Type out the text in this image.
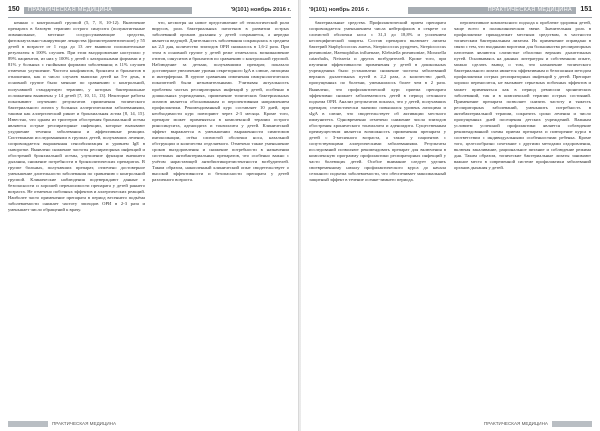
150	ПРАКТИЧЕСКАЯ МЕДИЦИНА	'9(101) ноябрь 2016 г.

неннно с контрольной группой (5, 7, 8, 10-12). Включение препарата в базовую терапию острого синусита (полуантигенные лиманильные, местные сосудосуживающие средства, фитоклаутально-санирующие лекарства (физиотерапевтические) у 55 детей в возрасте от 1 года до 13 лет выявило положительные результаты в 100% случаев. При этом выздоровление наступило у 89% пациентов, из них у 100% у детей с катаральными формами и у 81% у больных с гнойными формами заболевания; в 11% случаев отмечено улучшение. Частота конфликтов, бронхита и бронхитов в отношении, как и число случаев выписки детей на 5-е день, в основной группе было меньше по сравнению с контрольной, получавшей стандартную терапию, у которых бактериальные осложнения выявлены у 14 детей [7, 10, 11, 13]. Некоторые работы показывают изучению результатов применения топического бактериального лизата у больных аллергическими заболеваниями, такими как аллергический ринит и бронхиальная астма [8, 14, 15]. Известно, что одним из триггеров обострения бронхиальной астмы являются острые респираторные инфекции, которые вызывают ухудшение течения заболевания и аффективные реакции. Системными исследованиями в группах детей, получавших лечение, сопровождается выраженная сенсибилизация и уровнем IgE в сыворотке. Выявлено снижение частоты респираторных инфекций и обострений бронхиальной астмы, улучшение функции внешнего дыхания, снижение потребности в бронхолитических препаратах. В группе больных, получавших препарат, отмечено достоверное уменьшение длительности заболевания по сравнению с контрольной группой. Клинические наблюдения подтверждают данные о безопасности и хорошей переносимости препарата у детей раннего возраста. Не отмечено побочных эффектов и аллергических реакций. Наиболее часто применение препарата в период весеннего подъёма заболеваемости снижает частоту эпизодов ОРИ в 2-3 раза и уменьшает число обращений к врачу.

что, несмотря на новое представление об этиологической роли вирусов, роль бактериальных патогенов в развитии острых заболеваний органов дыхания у детей сохраняется, а нередко является ведущей. Длительность заболевания сокращалась в среднем на 2,5 дня, количество эпизодов ОРИ снижалось в 1,6-2 раза. При этом в основной группе у детей реже отмечалось возникновение отитов, синуситов и бронхитов по сравнению с контрольной группой. Наблюдение за детьми, получавшими препарат, показало достоверное увеличение уровня секреторного IgA в слюне, лизоцима и интерферона. В группе сравнения изменения иммунологических показателей были незначительными. Учитывая актуальность проблемы частых респираторных инфекций у детей, особенно в дошкольных учреждениях, применение топических бактериальных лизатов является обоснованным и перспективным направлением профилактики. Рекомендованный курс составляет 10 дней, при необходимости курс повторяют через 2-3 месяца. Кроме того, препарат может применяться в комплексной терапии острого риносинусита, аденоидита и тонзиллита у детей. Клинический эффект выражается в уменьшении выраженности симптомов интоксикации, отёка слизистой оболочки носа, назальной обструкции и количества отделяемого. Отмечено также уменьшение сроков выздоровления и снижение потребности в назначении системных антибактериальных препаратов, что особенно важно с учётом нарастающей антибиотикорезистентности возбудителей. Таким образом, накопленный клинический опыт свидетельствует о высокой эффективности и безопасности препарата у детей различного возраста.

ПРАКТИЧЕСКАЯ МЕДИЦИНА
'9(101) ноябрь 2016 г.	ПРАКТИЧЕСКАЯ МЕДИЦИНА	151

бактериальные средства. Профилактический прием препарата сопровождается уменьшением числа нейтрофилов в секрете со слизистой оболочки носа с 31,3 до 18,8% и усилением неспецифической защиты. Состав препарата включает лизаты бактерий Staphylococcus aureus, Streptococcus pyogenes, Streptococcus pneumoniae, Haemophilus influenzae, Klebsiella pneumoniae, Moraxella catarrhalis, Neisseria и других возбудителей. Кроме того, при изучении эффективности применения у детей в дошкольных учреждениях было установлено снижение частоты заболеваний верхних дыхательных путей в 2,2 раза, а количество дней, пропущенных по болезни, уменьшилось более чем в 2 раза. Выявлено, что профилактический курс приема препарата эффективно снижает заболеваемость детей в период сезонного подъема ОРИ. Анализ результатов показал, что у детей, получавших препарат, статистически значимо повышался уровень лизоцима и sIgA в слюне, что свидетельствует об активации местного иммунитета. Одновременно отмечено снижение числа эпизодов обострения хронического тонзиллита и аденоидита. Существенным преимуществом является возможность применения препарата у детей с 3-месячного возраста, а также у пациентов с сопутствующими аллергическими заболеваниями. Результаты исследований позволяют рекомендовать препарат для включения в комплексную программу профилактики респираторных инфекций у часто болеющих детей. Особое внимание следует уделять своевременному началу профилактического курса до начала сезонного подъема заболеваемости, что обеспечивает максимальный защитный эффект в течение осенне-зимнего периода.

перспективное комплексного подхода к проблеме здоровья детей, чаще всего в поликлиническом звене. Значительная роль в профилактике принадлежит местным средствам, в частности топическим бактериальным лизатам. Их применение оправдано в связи с тем, что входными воротами для большинства респираторных патогенов являются слизистые оболочки верхних дыхательных путей. Основываясь на данных литературы и собственном опыте, можно сделать вывод о том, что назначение топического бактериального лизата является эффективным и безопасным методом профилактики острых респираторных инфекций у детей. Препарат хорошо переносится, не вызывает серьезных побочных эффектов и может применяться как в период ремиссии хронических заболеваний, так и в комплексной терапии острых состояний. Применение препарата позволяет снизить частоту и тяжесть респираторных заболеваний, уменьшить потребность в антибактериальной терапии, сократить сроки лечения и число пропущенных дней посещения детских учреждений. Важным условием успешной профилактики является соблюдение рекомендованной схемы приема препарата и повторение курса в соответствии с индивидуальными особенностями ребенка. Кроме того, целесообразно сочетание с другими методами оздоровления, включая закаливание, рациональное питание и соблюдение режима дня. Таким образом, топические бактериальные лизаты занимают важное место в современной системе профилактики заболеваний органов дыхания у детей.

ПРАКТИЧЕСКАЯ МЕДИЦИНА
